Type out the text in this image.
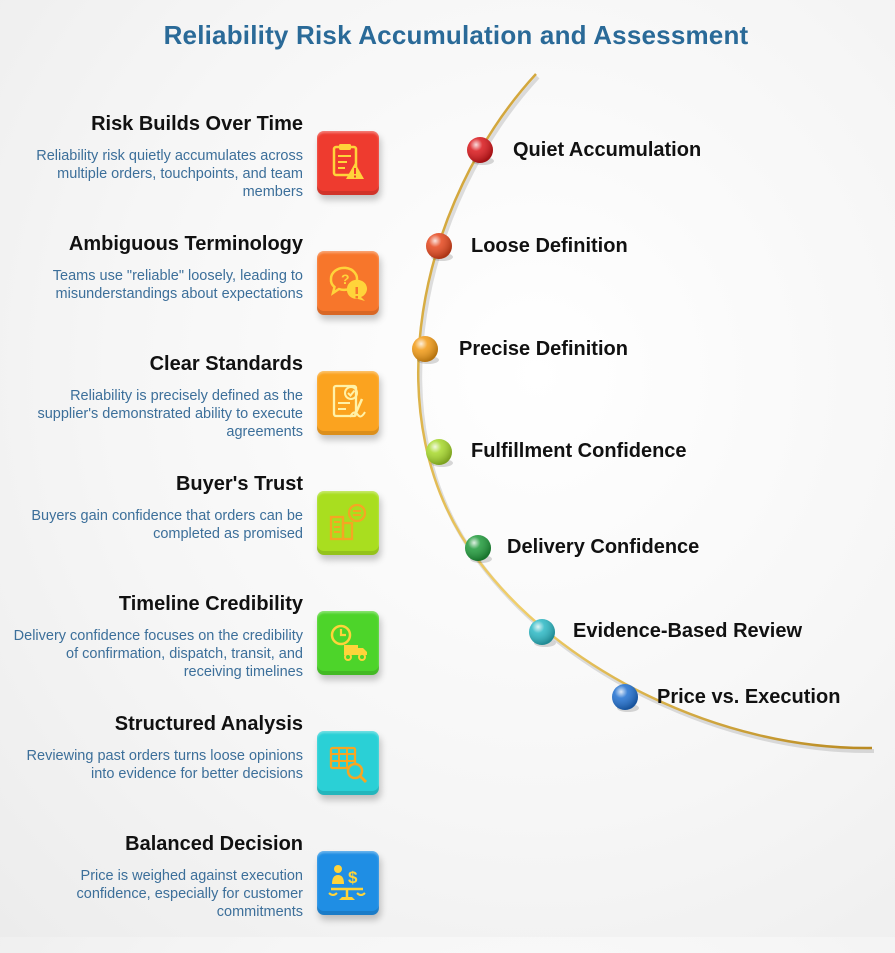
Reliability Risk Accumulation and Assessment
Risk Builds Over Time
Reliability risk quietly accumulates across multiple orders, touchpoints, and team members
Ambiguous Terminology
Teams use "reliable" loosely, leading to misunderstandings about expectations
?
Clear Standards
Reliability is precisely defined as the supplier's demonstrated ability to execute agreements
Buyer's Trust
Buyers gain confidence that orders can be completed as promised
Timeline Credibility
Delivery confidence focuses on the credibility of confirmation, dispatch, transit, and receiving timelines
Structured Analysis
Reviewing past orders turns loose opinions into evidence for better decisions
Balanced Decision
Price is weighed against execution confidence, especially for customer commitments
$
Quiet Accumulation
Loose Definition
Precise Definition
Fulfillment Confidence
Delivery Confidence
Evidence-Based Review
Price vs. Execution
